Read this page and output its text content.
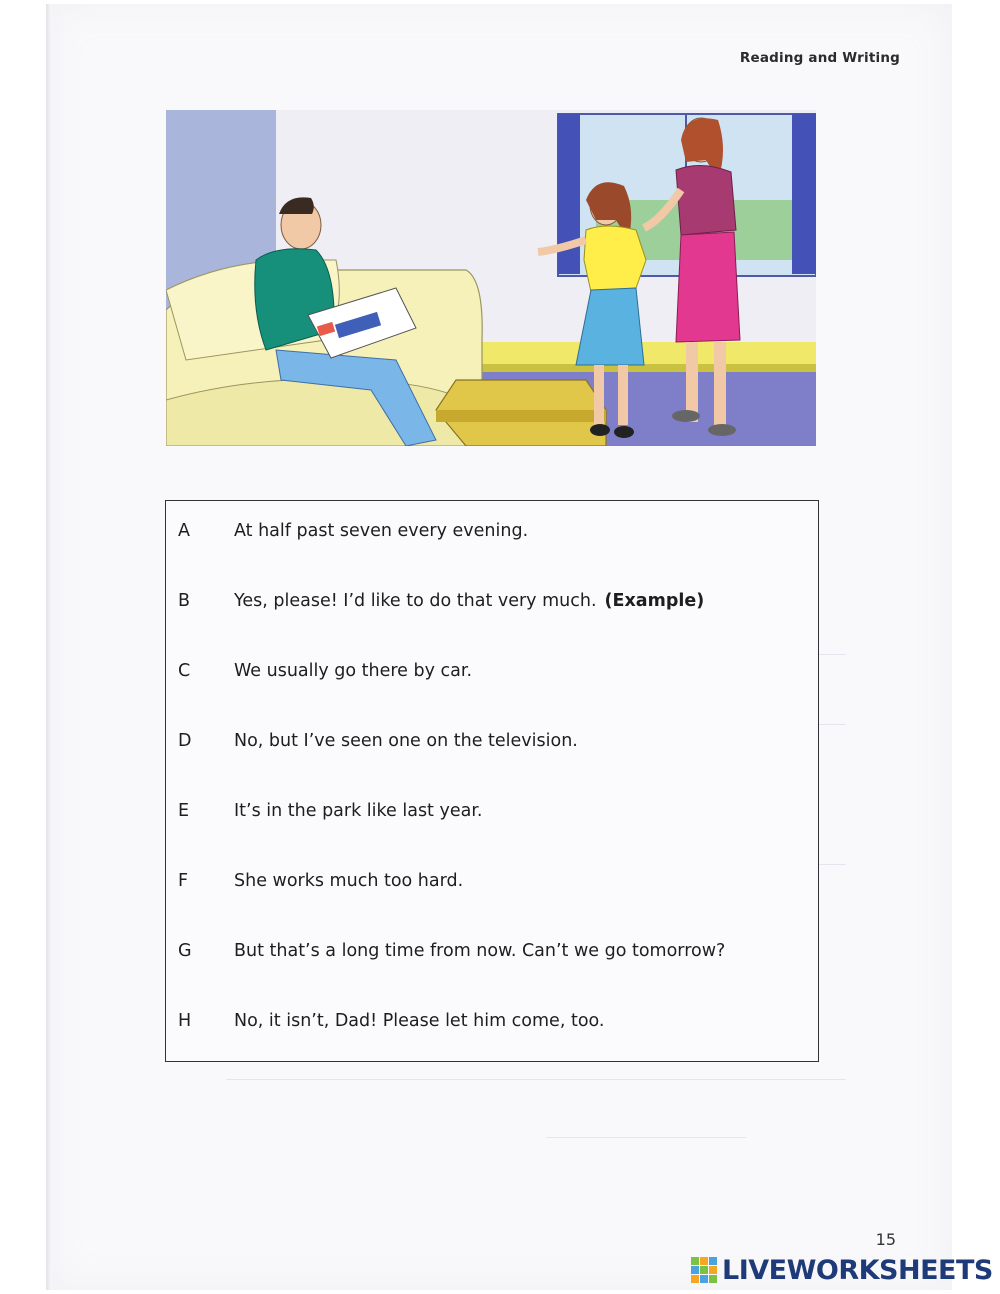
Reading and Writing
A	At half past seven every evening.
B	Yes, please! I’d like to do that very much. (Example)
C	We usually go there by car.
D	No, but I’ve seen one on the television.
E	It’s in the park like last year.
F	She works much too hard.
G	But that’s a long time from now. Can’t we go tomorrow?
H	No, it isn’t, Dad! Please let him come, too.
15
LIVEWORKSHEETS
